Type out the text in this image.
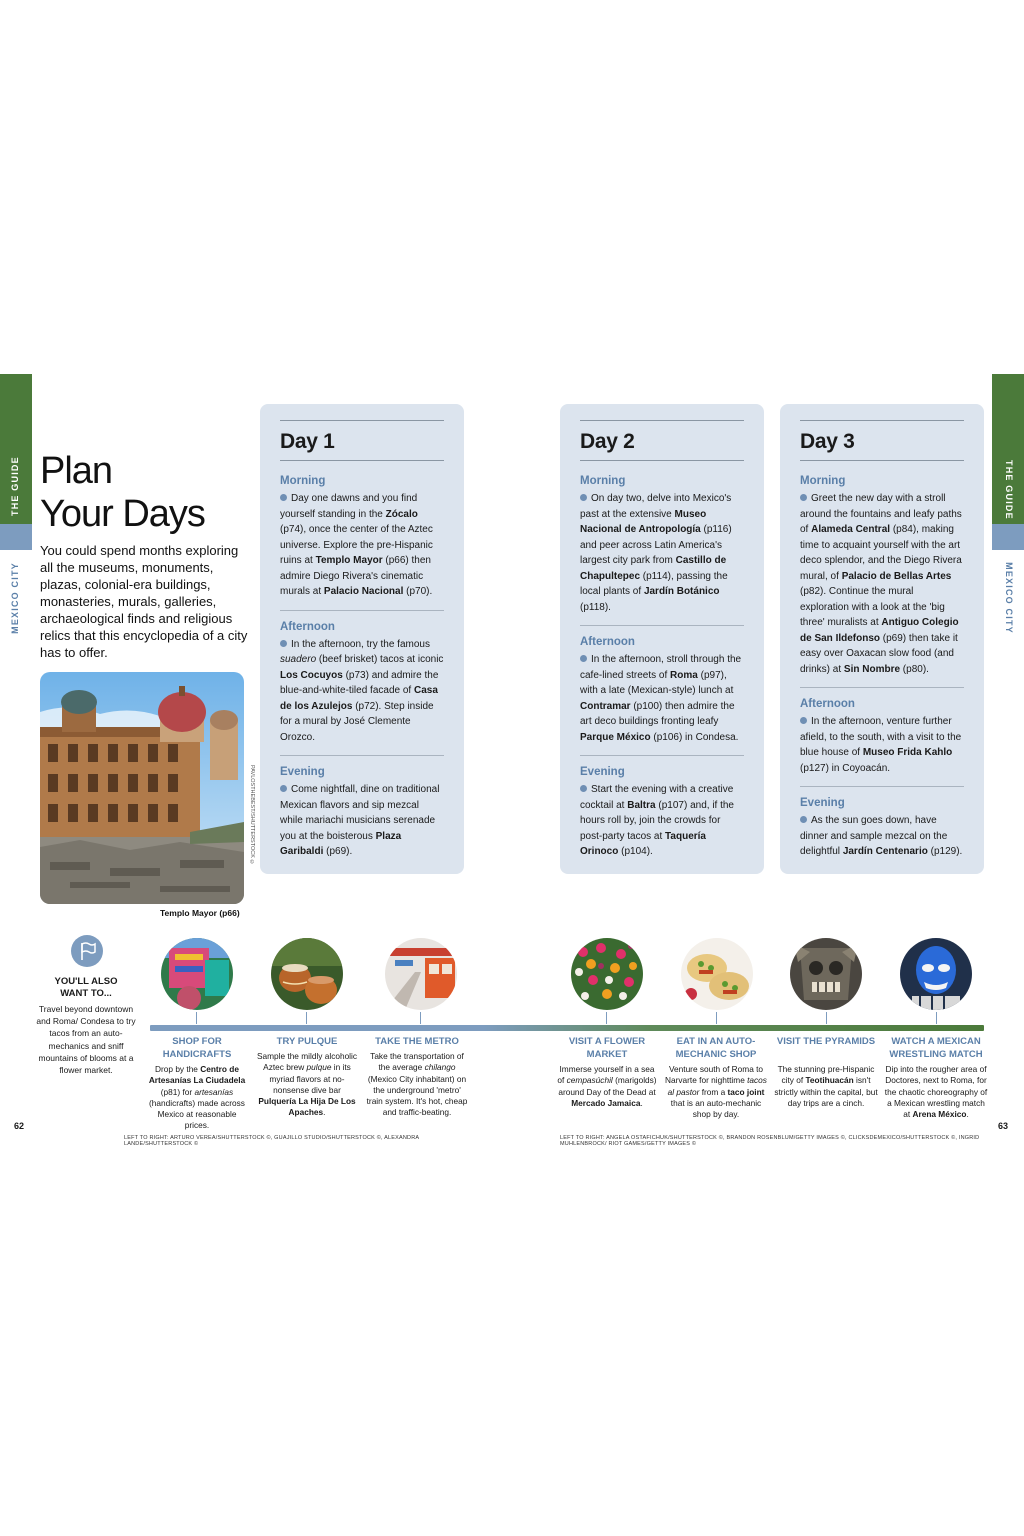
THE GUIDE
MEXICO CITY
THE GUIDE
MEXICO CITY
Plan
Your Days
You could spend months exploring all the museums, monuments, plazas, colonial-era buildings, monasteries, murals, galleries, archaeological finds and religious relics that this encyclopedia of a city has to offer.
PAVLOSTHEBEST/SHUTTERSTOCK ©
Templo Mayor (p66)
Day 1
Morning
Day one dawns and you find yourself standing in the Zócalo (p74), once the center of the Aztec universe. Explore the pre-Hispanic ruins at Templo Mayor (p66) then admire Diego Rivera's cinematic murals at Palacio Nacional (p70).
Afternoon
In the afternoon, try the famous suadero (beef brisket) tacos at iconic Los Cocuyos (p73) and admire the blue-and-white-tiled facade of Casa de los Azulejos (p72). Step inside for a mural by José Clemente Orozco.
Evening
Come nightfall, dine on traditional Mexican flavors and sip mezcal while mariachi musicians serenade you at the boisterous Plaza Garibaldi (p69).
Day 2
Morning
On day two, delve into Mexico's past at the extensive Museo Nacional de Antropología (p116) and peer across Latin America's largest city park from Castillo de Chapultepec (p114), passing the local plants of Jardín Botánico (p118).
Afternoon
In the afternoon, stroll through the cafe-lined streets of Roma (p97), with a late (Mexican-style) lunch at Contramar (p100) then admire the art deco buildings fronting leafy Parque México (p106) in Condesa.
Evening
Start the evening with a creative cocktail at Baltra (p107) and, if the hours roll by, join the crowds for post-party tacos at Taquería Orinoco (p104).
Day 3
Morning
Greet the new day with a stroll around the fountains and leafy paths of Alameda Central (p84), making time to acquaint yourself with the art deco splendor, and the Diego Rivera mural, of Palacio de Bellas Artes (p82). Continue the mural exploration with a look at the 'big three' muralists at Antiguo Colegio de San Ildefonso (p69) then take it easy over Oaxacan slow food (and drinks) at Sin Nombre (p80).
Afternoon
In the afternoon, venture further afield, to the south, with a visit to the blue house of Museo Frida Kahlo (p127) in Coyoacán.
Evening
As the sun goes down, have dinner and sample mezcal on the delightful Jardín Centenario (p129).
YOU'LL ALSO WANT TO...
Travel beyond downtown and Roma/ Condesa to try tacos from an auto-mechanics and sniff mountains of blooms at a flower market.
SHOP FOR HANDICRAFTS
Drop by the Centro de Artesanías La Ciudadela (p81) for artesanías (handicrafts) made across Mexico at reasonable prices.
TRY PULQUE
Sample the mildly alcoholic Aztec brew pulque in its myriad flavors at no-nonsense dive bar Pulquería La Hija De Los Apaches.
TAKE THE METRO
Take the transportation of the average chilango (Mexico City inhabitant) on the underground 'metro' train system. It's hot, cheap and traffic-beating.
VISIT A FLOWER MARKET
Immerse yourself in a sea of cempasúchil (marigolds) around Day of the Dead at Mercado Jamaica.
EAT IN AN AUTO-MECHANIC SHOP
Venture south of Roma to Narvarte for nighttime tacos al pastor from a taco joint that is an auto-mechanic shop by day.
VISIT THE PYRAMIDS
The stunning pre-Hispanic city of Teotihuacán isn't strictly within the capital, but day trips are a cinch.
WATCH A MEXICAN WRESTLING MATCH
Dip into the rougher area of Doctores, next to Roma, for the chaotic choreography of a Mexican wrestling match at Arena México.
LEFT TO RIGHT: ARTURO VEREA/SHUTTERSTOCK ©, GUAJILLO STUDIO/SHUTTERSTOCK ©, ALEXANDRA LANDE/SHUTTERSTOCK ©
LEFT TO RIGHT: ANGELA OSTAFICHUK/SHUTTERSTOCK ©, BRANDON ROSENBLUM/GETTY IMAGES ©, CLICKSDEMEXICO/SHUTTERSTOCK ©, INGRID MUHLENBROCK/ RIOT GAMES/GETTY IMAGES ©
62	63
